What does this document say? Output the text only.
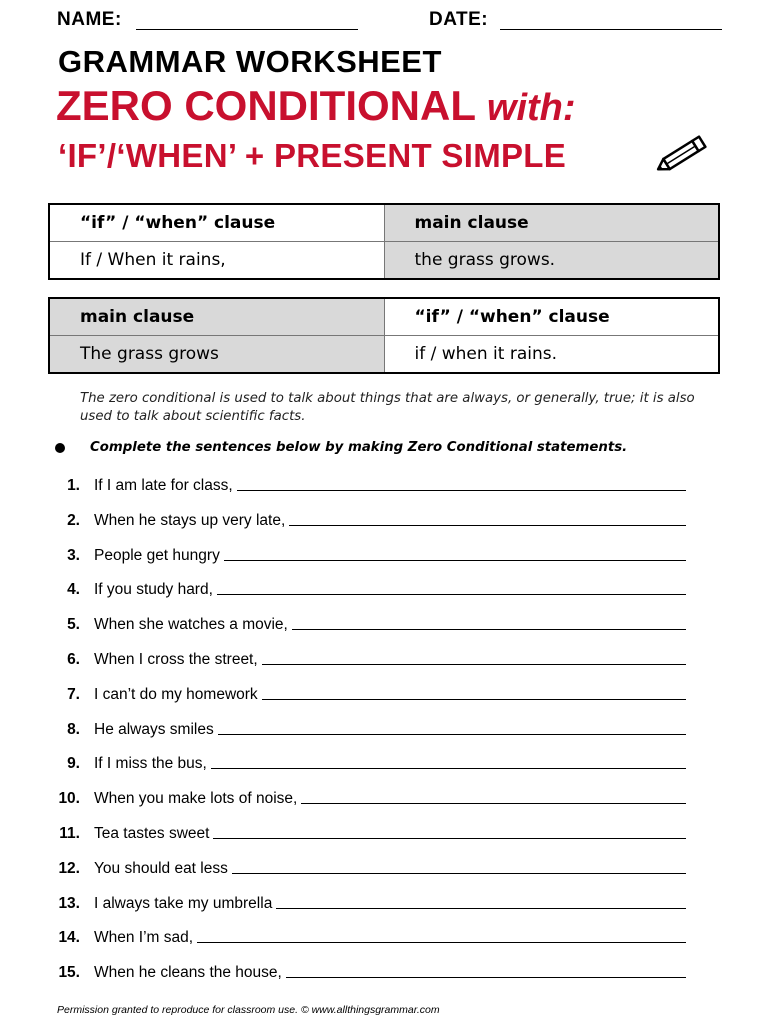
NAME:	DATE:
GRAMMAR WORKSHEET
ZERO CONDITIONAL with:
‘IF’/‘WHEN’ + PRESENT SIMPLE
“if” / “when” clause	main clause
If / When it rains,	the grass grows.
main clause	“if” / “when” clause
The grass grows	if / when it rains.
The zero conditional is used to talk about things that are always, or generally, true; it is also used to talk about scientific facts.
Complete the sentences below by making Zero Conditional statements.
1. If I am late for class,
2. When he stays up very late,
3. People get hungry
4. If you study hard,
5. When she watches a movie,
6. When I cross the street,
7. I can’t do my homework
8. He always smiles
9. If I miss the bus,
10. When you make lots of noise,
11. Tea tastes sweet
12. You should eat less
13. I always take my umbrella
14. When I’m sad,
15. When he cleans the house,
Permission granted to reproduce for classroom use. © www.allthingsgrammar.com
